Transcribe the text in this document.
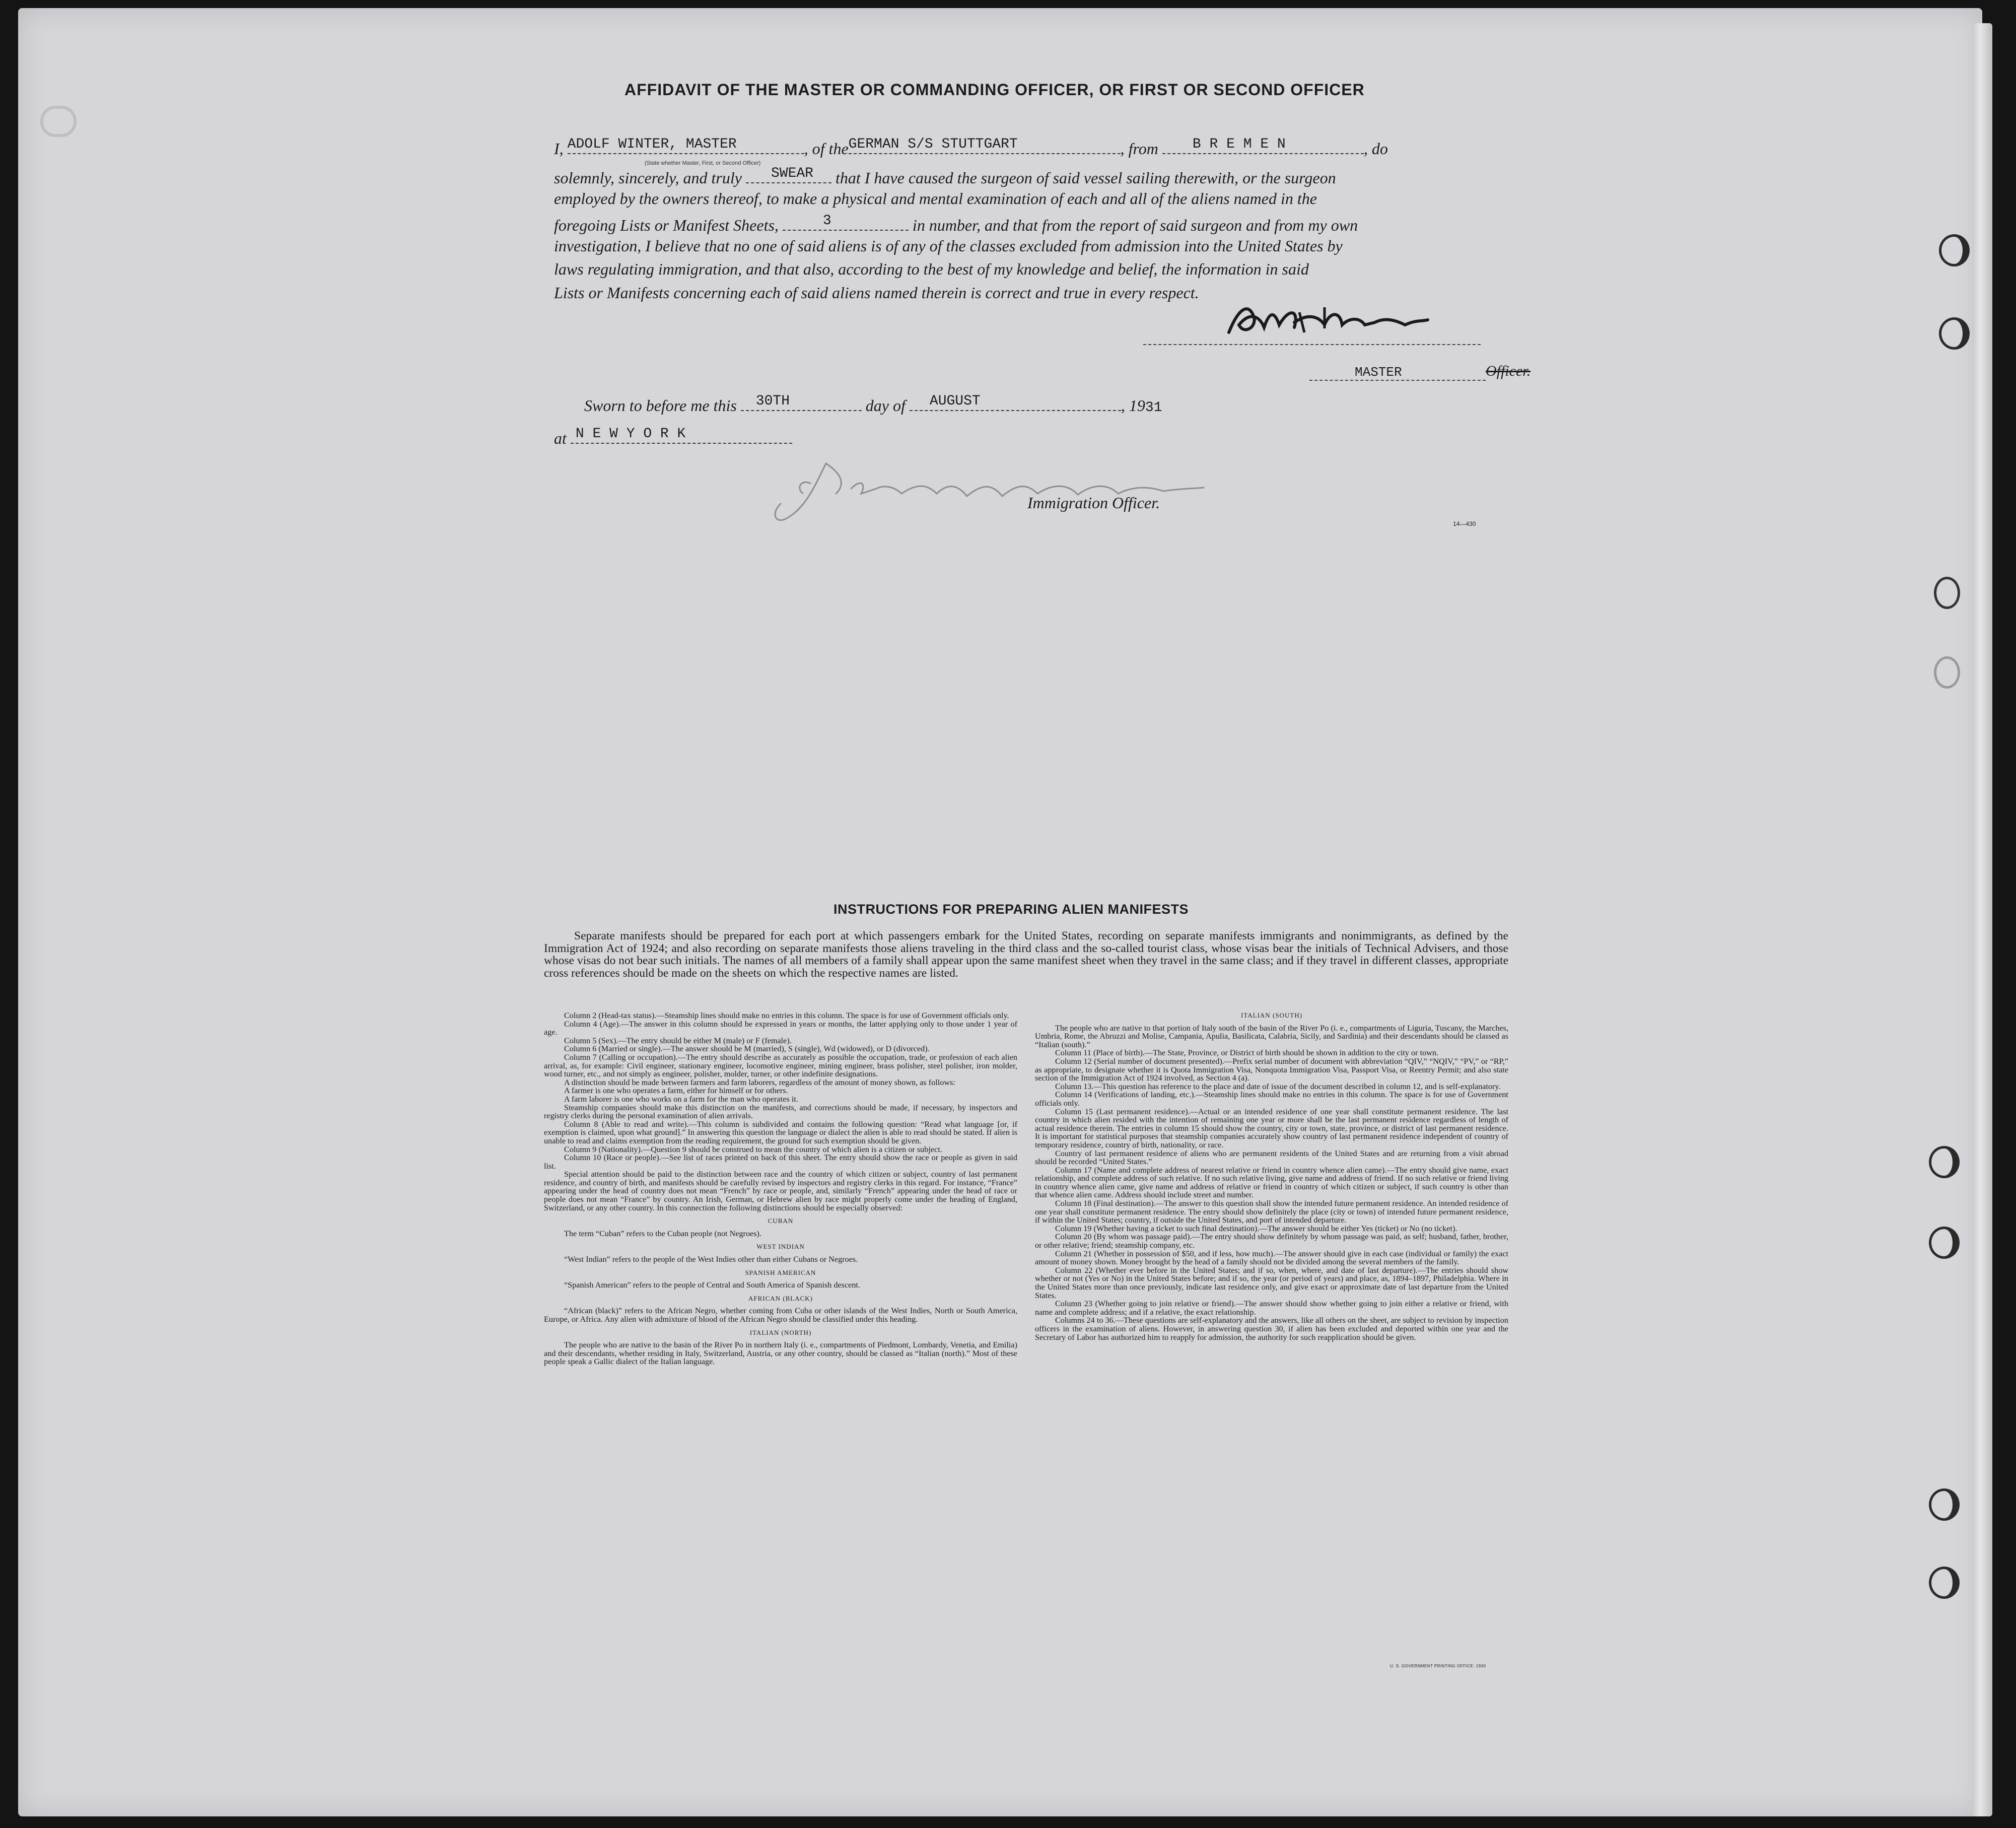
AFFIDAVIT OF THE MASTER OR COMMANDING OFFICER, OR FIRST OR SECOND OFFICER
I, ADOLF WINTER, MASTER	, of the GERMAN S/S STUTTGART	, from B R E M E N	, do
(State whether Master, First, or Second Officer)
solemnly, sincerely, and truly SWEAR that I have caused the surgeon of said vessel sailing therewith, or the surgeon
employed by the owners thereof, to make a physical and mental examination of each and all of the aliens named in the
foregoing Lists or Manifest Sheets,	3	in number, and that from the report of said surgeon and from my own
investigation, I believe that no one of said aliens is of any of the classes excluded from admission into the United States by
laws regulating immigration, and that also, according to the best of my knowledge and belief, the information in said
Lists or Manifests concerning each of said aliens named therein is correct and true in every respect.
MASTER	Officer.
Sworn to before me this 30TH	day of AUGUST	, 1931
at N E W Y O R K
Immigration Officer.
14—430
INSTRUCTIONS FOR PREPARING ALIEN MANIFESTS
Separate manifests should be prepared for each port at which passengers embark for the United States, recording on separate manifests immigrants and nonimmigrants, as defined by the Immigration Act of 1924; and also recording on separate manifests those aliens traveling in the third class and the so-called tourist class, whose visas bear the initials of Technical Advisers, and those whose visas do not bear such initials. The names of all members of a family shall appear upon the same manifest sheet when they travel in the same class; and if they travel in different classes, appropriate cross references should be made on the sheets on which the respective names are listed.

Column 2 (Head-tax status).—Steamship lines should make no entries in this column. The space is for use of Government officials only.

Column 4 (Age).—The answer in this column should be expressed in years or months, the latter applying only to those under 1 year of age.

Column 5 (Sex).—The entry should be either M (male) or F (female).

Column 6 (Married or single).—The answer should be M (married), S (single), Wd (widowed), or D (divorced).

Column 7 (Calling or occupation).—The entry should describe as accurately as possible the occupation, trade, or profession of each alien arrival, as, for example: Civil engineer, stationary engineer, locomotive engineer, mining engineer, brass polisher, steel polisher, iron molder, wood turner, etc., and not simply as engineer, polisher, molder, turner, or other indefinite designations.

A distinction should be made between farmers and farm laborers, regardless of the amount of money shown, as follows:

A farmer is one who operates a farm, either for himself or for others.

A farm laborer is one who works on a farm for the man who operates it.

Steamship companies should make this distinction on the manifests, and corrections should be made, if necessary, by inspectors and registry clerks during the personal examination of alien arrivals.

Column 8 (Able to read and write).—This column is subdivided and contains the following question: “Read what language [or, if exemption is claimed, upon what ground].” In answering this question the language or dialect the alien is able to read should be stated. If alien is unable to read and claims exemption from the reading requirement, the ground for such exemption should be given.

Column 9 (Nationality).—Question 9 should be construed to mean the country of which alien is a citizen or subject.

Column 10 (Race or people).—See list of races printed on back of this sheet. The entry should show the race or people as given in said list.

Special attention should be paid to the distinction between race and the country of which citizen or subject, country of last permanent residence, and country of birth, and manifests should be carefully revised by inspectors and registry clerks in this regard. For instance, “France” appearing under the head of country does not mean “French” by race or people, and, similarly “French” appearing under the head of race or people does not mean “France” by country. An Irish, German, or Hebrew alien by race might properly come under the heading of England, Switzerland, or any other country. In this connection the following distinctions should be especially observed:

CUBAN

The term “Cuban” refers to the Cuban people (not Negroes).

WEST INDIAN

“West Indian” refers to the people of the West Indies other than either Cubans or Negroes.

SPANISH AMERICAN

“Spanish American” refers to the people of Central and South America of Spanish descent.

AFRICAN (BLACK)

“African (black)” refers to the African Negro, whether coming from Cuba or other islands of the West Indies, North or South America, Europe, or Africa. Any alien with admixture of blood of the African Negro should be classified under this heading.

ITALIAN (NORTH)

The people who are native to the basin of the River Po in northern Italy (i. e., compartments of Piedmont, Lombardy, Venetia, and Emilia) and their descendants, whether residing in Italy, Switzerland, Austria, or any other country, should be classed as “Italian (north).” Most of these people speak a Gallic dialect of the Italian language.

ITALIAN (SOUTH)

The people who are native to that portion of Italy south of the basin of the River Po (i. e., compartments of Liguria, Tuscany, the Marches, Umbria, Rome, the Abruzzi and Molise, Campania, Apulia, Basilicata, Calabria, Sicily, and Sardinia) and their descendants should be classed as “Italian (south).”

Column 11 (Place of birth).—The State, Province, or District of birth should be shown in addition to the city or town.

Column 12 (Serial number of document presented).—Prefix serial number of document with abbreviation “QIV,” “NQIV,” “PV,” or “RP,” as appropriate, to designate whether it is Quota Immigration Visa, Nonquota Immigration Visa, Passport Visa, or Reentry Permit; and also state section of the Immigration Act of 1924 involved, as Section 4 (a).

Column 13.—This question has reference to the place and date of issue of the document described in column 12, and is self-explanatory.

Column 14 (Verifications of landing, etc.).—Steamship lines should make no entries in this column. The space is for use of Government officials only.

Column 15 (Last permanent residence).—Actual or an intended residence of one year shall constitute permanent residence. The last country in which alien resided with the intention of remaining one year or more shall be the last permanent residence regardless of length of actual residence therein. The entries in column 15 should show the country, city or town, state, province, or district of last permanent residence. It is important for statistical purposes that steamship companies accurately show country of last permanent residence independent of country of temporary residence, country of birth, nationality, or race.

Country of last permanent residence of aliens who are permanent residents of the United States and are returning from a visit abroad should be recorded “United States.”

Column 17 (Name and complete address of nearest relative or friend in country whence alien came).—The entry should give name, exact relationship, and complete address of such relative. If no such relative living, give name and address of friend. If no such relative or friend living in country whence alien came, give name and address of relative or friend in country of which citizen or subject, if such country is other than that whence alien came. Address should include street and number.

Column 18 (Final destination).—The answer to this question shall show the intended future permanent residence. An intended residence of one year shall constitute permanent residence. The entry should show definitely the place (city or town) of intended future permanent residence, if within the United States; country, if outside the United States, and port of intended departure.

Column 19 (Whether having a ticket to such final destination).—The answer should be either Yes (ticket) or No (no ticket).

Column 20 (By whom was passage paid).—The entry should show definitely by whom passage was paid, as self; husband, father, brother, or other relative; friend; steamship company, etc.

Column 21 (Whether in possession of $50, and if less, how much).—The answer should give in each case (individual or family) the exact amount of money shown. Money brought by the head of a family should not be divided among the several members of the family.

Column 22 (Whether ever before in the United States; and if so, when, where, and date of last departure).—The entries should show whether or not (Yes or No) in the United States before; and if so, the year (or period of years) and place, as, 1894–1897, Philadelphia. Where in the United States more than once previously, indicate last residence only, and give exact or approximate date of last departure from the United States.

Column 23 (Whether going to join relative or friend).—The answer should show whether going to join either a relative or friend, with name and complete address; and if a relative, the exact relationship.

Columns 24 to 36.—These questions are self-explanatory and the answers, like all others on the sheet, are subject to revision by inspection officers in the examination of aliens. However, in answering question 30, if alien has been excluded and deported within one year and the Secretary of Labor has authorized him to reapply for admission, the authority for such reapplication should be given.

U. S. GOVERNMENT PRINTING OFFICE: 1930
